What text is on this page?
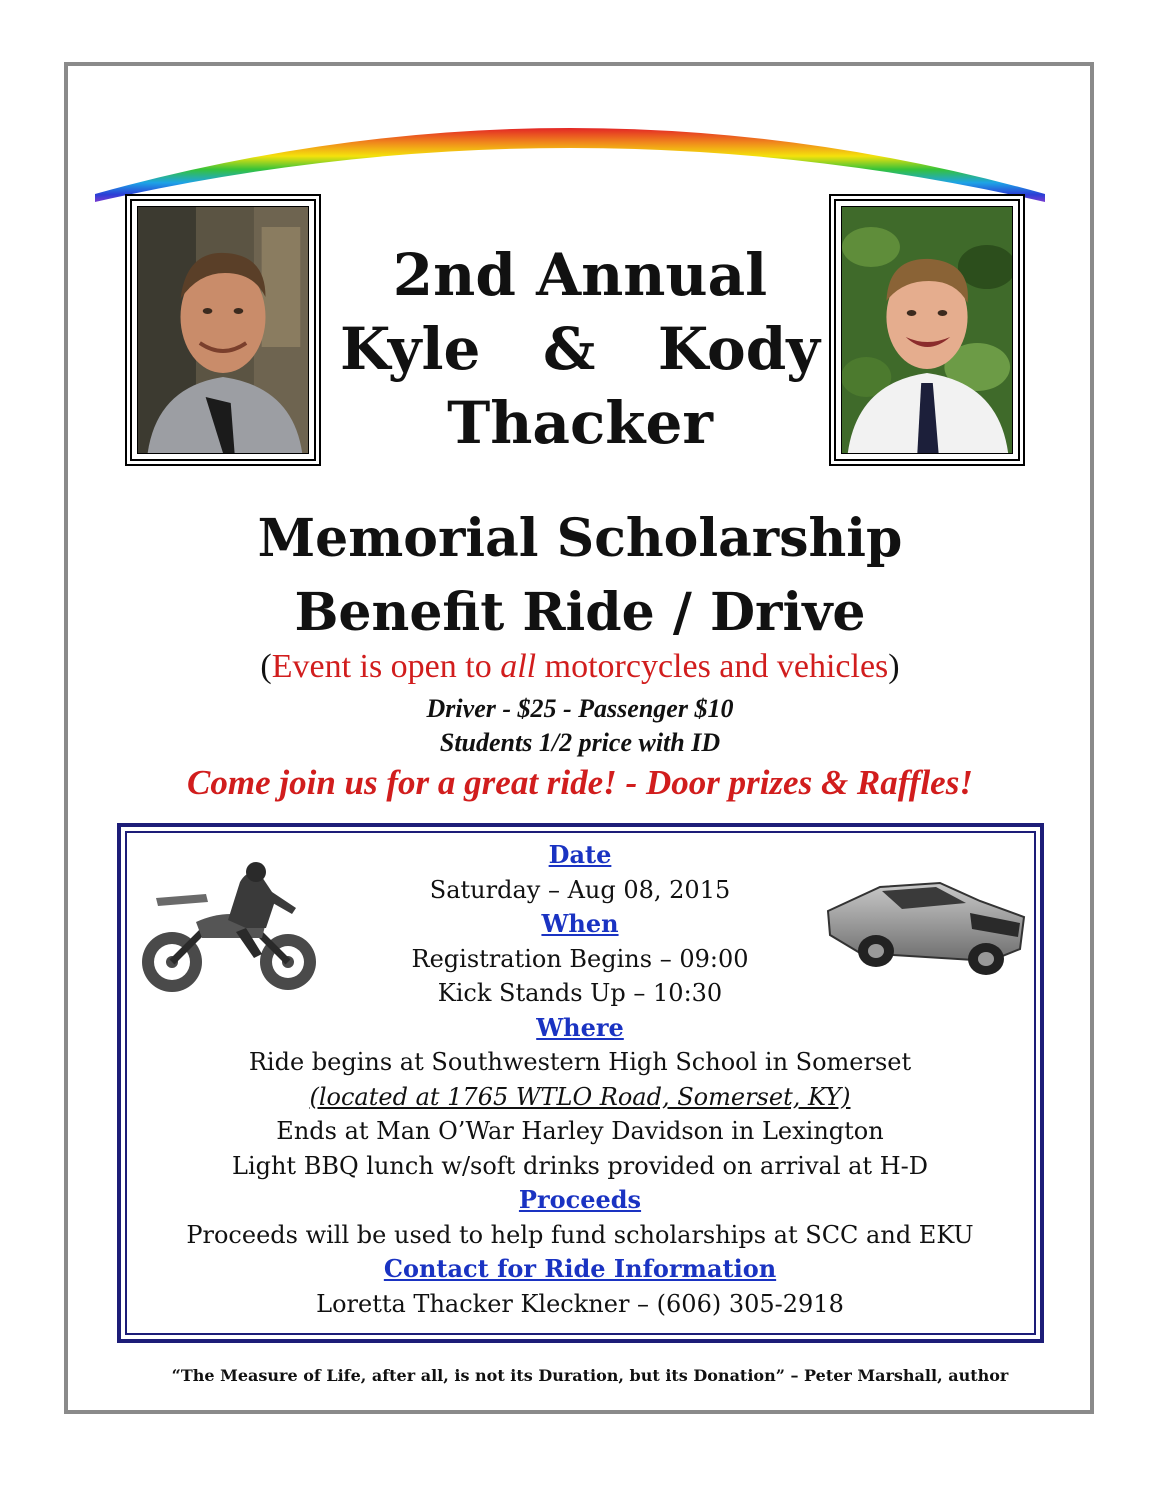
2nd Annual
Kyle & Kody
Thacker
Memorial Scholarship
Benefit Ride / Drive
(Event is open to all motorcycles and vehicles)
Driver - $25 - Passenger $10
Students 1/2 price with ID
Come join us for a great ride! - Door prizes & Raffles!
Date
Saturday – Aug 08, 2015
When
Registration Begins – 09:00
Kick Stands Up – 10:30
Where
Ride begins at Southwestern High School in Somerset
(located at 1765 WTLO Road, Somerset, KY)
Ends at Man O’War Harley Davidson in Lexington
Light BBQ lunch w/soft drinks provided on arrival at H-D
Proceeds
Proceeds will be used to help fund scholarships at SCC and EKU
Contact for Ride Information
Loretta Thacker Kleckner – (606) 305-2918
“The Measure of Life, after all, is not its Duration, but its Donation” – Peter Marshall, author
